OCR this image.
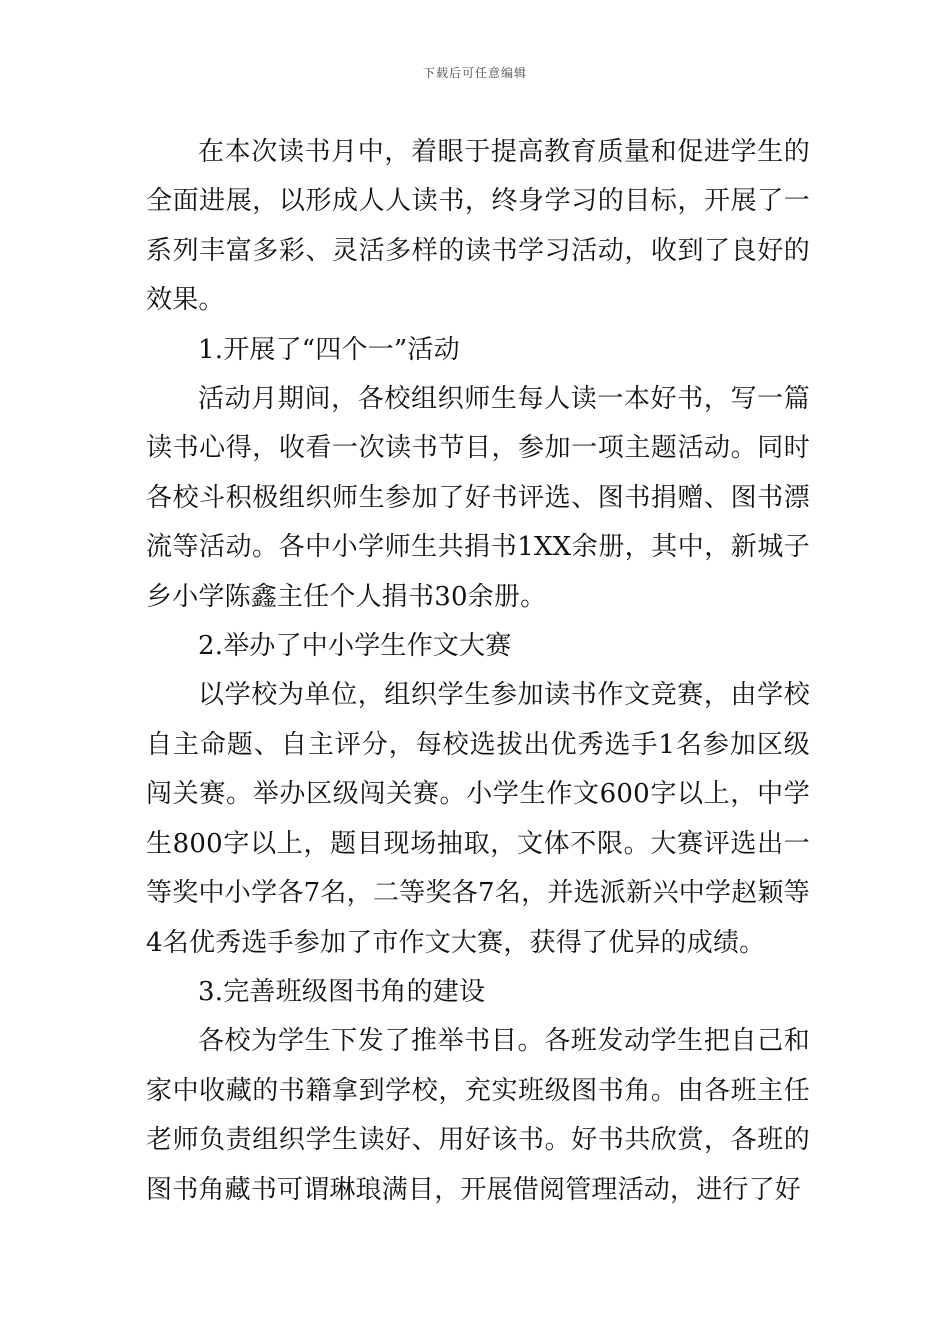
下载后可任意编辑

在本次读书月中，着眼于提高教育质量和促进学生的全面进展，以形成人人读书，终身学习的目标，开展了一系列丰富多彩、灵活多样的读书学习活动，收到了良好的效果。

1.开展了“四个一”活动

活动月期间，各校组织师生每人读一本好书，写一篇读书心得，收看一次读书节目，参加一项主题活动。同时各校斗积极组织师生参加了好书评选、图书捐赠、图书漂流等活动。各中小学师生共捐书1XX余册，其中，新城子乡小学陈鑫主任个人捐书30余册。

2.举办了中小学生作文大赛

以学校为单位，组织学生参加读书作文竞赛，由学校自主命题、自主评分，每校选拔出优秀选手1名参加区级闯关赛。举办区级闯关赛。小学生作文600字以上，中学生800字以上，题目现场抽取，文体不限。大赛评选出一等奖中小学各7名，二等奖各7名，并选派新兴中学赵颖等4名优秀选手参加了市作文大赛，获得了优异的成绩。

3.完善班级图书角的建设

各校为学生下发了推举书目。各班发动学生把自己和家中收藏的书籍拿到学校，充实班级图书角。由各班主任老师负责组织学生读好、用好该书。好书共欣赏，各班的图书角藏书可谓琳琅满目，开展借阅管理活动，进行了好
